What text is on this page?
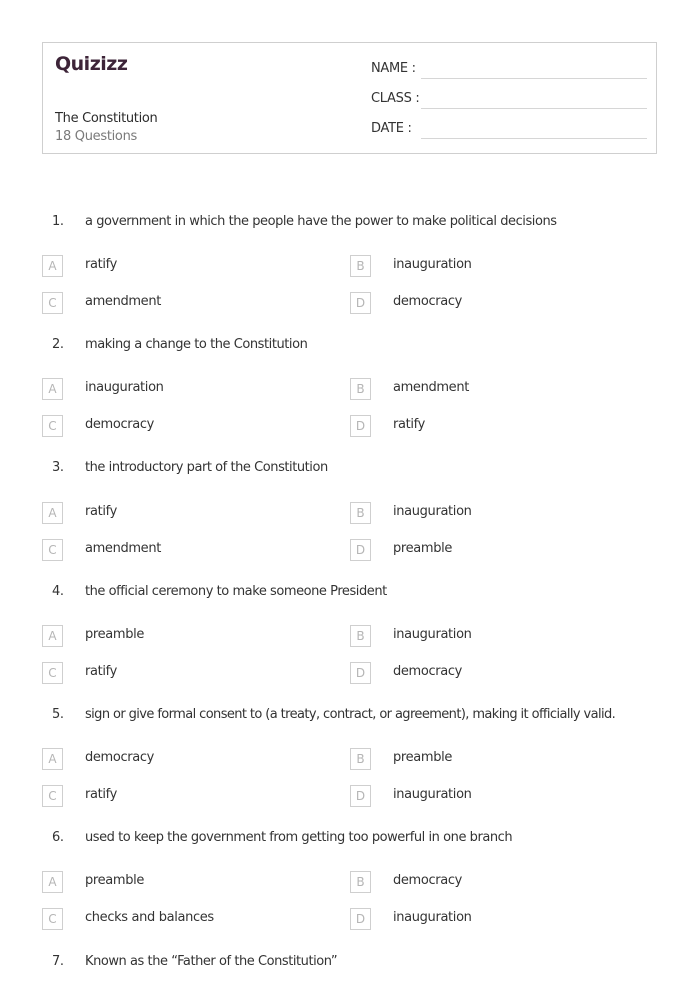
Quizizz
The Constitution
18 Questions
NAME :
CLASS :
DATE :
1. a government in which the people have the power to make political decisions
A	ratify	B	inauguration
C	amendment	D	democracy
2. making a change to the Constitution
A	inauguration	B	amendment
C	democracy	D	ratify
3. the introductory part of the Constitution
A	ratify	B	inauguration
C	amendment	D	preamble
4. the official ceremony to make someone President
A	preamble	B	inauguration
C	ratify	D	democracy
5. sign or give formal consent to (a treaty, contract, or agreement), making it officially valid.
A	democracy	B	preamble
C	ratify	D	inauguration
6. used to keep the government from getting too powerful in one branch
A	preamble	B	democracy
C	checks and balances	D	inauguration
7. Known as the “Father of the Constitution”
